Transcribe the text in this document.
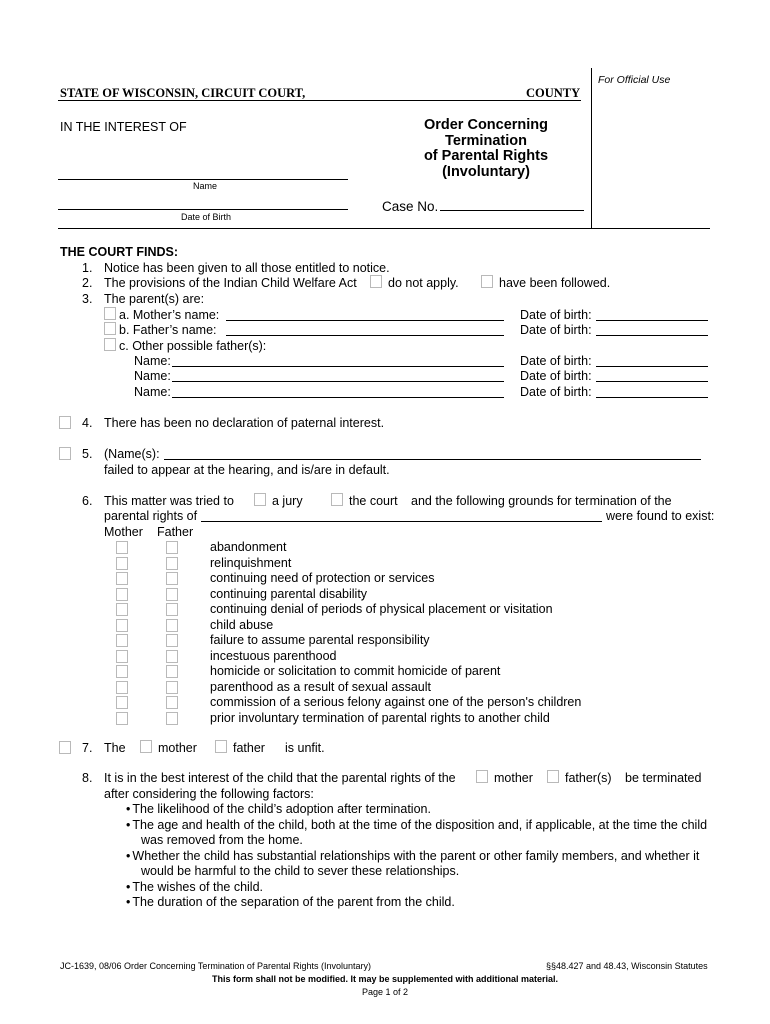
For Official Use
STATE OF WISCONSIN, CIRCUIT COURT,	COUNTY
IN THE INTEREST OF	Order Concerning
Termination
of Parental Rights
(Involuntary)
Name
Date of Birth
Case No.
THE COURT FINDS:
1. Notice has been given to all those entitled to notice.
2. The provisions of the Indian Child Welfare Act	do not apply.	have been followed.
3. The parent(s) are:
a. Mother’s name:	Date of birth:
b. Father’s name:	Date of birth:
c. Other possible father(s):
Name:	Date of birth:
Name:	Date of birth:
Name:	Date of birth:
4. There has been no declaration of paternal interest.
5. (Name(s):
failed to appear at the hearing, and is/are in default.
6. This matter was tried to	a jury	the court and the following grounds for termination of the
parental rights of	were found to exist:
Mother Father
abandonment
relinquishment
continuing need of protection or services
continuing parental disability
continuing denial of periods of physical placement or visitation
child abuse
failure to assume parental responsibility
incestuous parenthood
homicide or solicitation to commit homicide of parent
parenthood as a result of sexual assault
commission of a serious felony against one of the person's children
prior involuntary termination of parental rights to another child
7. The	mother	father is unfit.
8. It is in the best interest of the child that the parental rights of the	mother	father(s) be terminated
after considering the following factors:
• The likelihood of the child’s adoption after termination.
• The age and health of the child, both at the time of the disposition and, if applicable, at the time the child
was removed from the home.
• Whether the child has substantial relationships with the parent or other family members, and whether it
would be harmful to the child to sever these relationships.
• The wishes of the child.
• The duration of the separation of the parent from the child.
JC-1639, 08/06 Order Concerning Termination of Parental Rights (Involuntary)	§§48.427 and 48.43, Wisconsin Statutes
This form shall not be modified. It may be supplemented with additional material.
Page 1 of 2
